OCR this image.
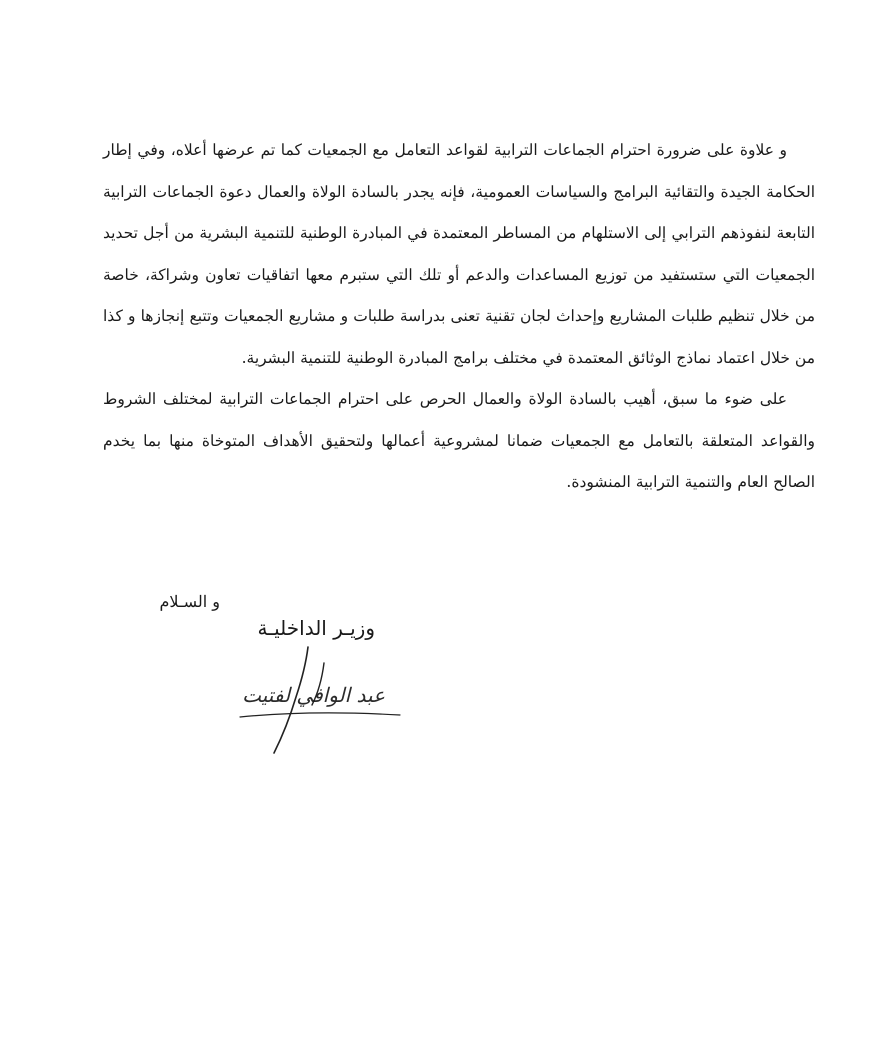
و علاوة على ضرورة احترام الجماعات الترابية لقواعد التعامل مع الجمعيات كما تم عرضها أعلاه، وفي إطار الحكامة الجيدة والتقائية البرامج والسياسات العمومية، فإنه يجدر بالسادة الولاة والعمال دعوة الجماعات الترابية التابعة لنفوذهم الترابي إلى الاستلهام من المساطر المعتمدة في المبادرة الوطنية للتنمية البشرية من أجل تحديد الجمعيات التي ستستفيد من توزيع المساعدات والدعم أو تلك التي ستبرم معها اتفاقيات تعاون وشراكة، خاصة من خلال تنظيم طلبات المشاريع وإحداث لجان تقنية تعنى بدراسة طلبات و مشاريع الجمعيات وتتبع إنجازها و كذا من خلال اعتماد نماذج الوثائق المعتمدة في مختلف برامج المبادرة الوطنية للتنمية البشرية.

على ضوء ما سبق، أهيب بالسادة الولاة والعمال الحرص على احترام الجماعات الترابية لمختلف الشروط والقواعد المتعلقة بالتعامل مع الجمعيات ضمانا لمشروعية أعمالها ولتحقيق الأهداف المتوخاة منها بما يخدم الصالح العام والتنمية الترابية المنشودة.

و السـلام
وزيـر الداخليـة
عبد الوافي لفتيت
